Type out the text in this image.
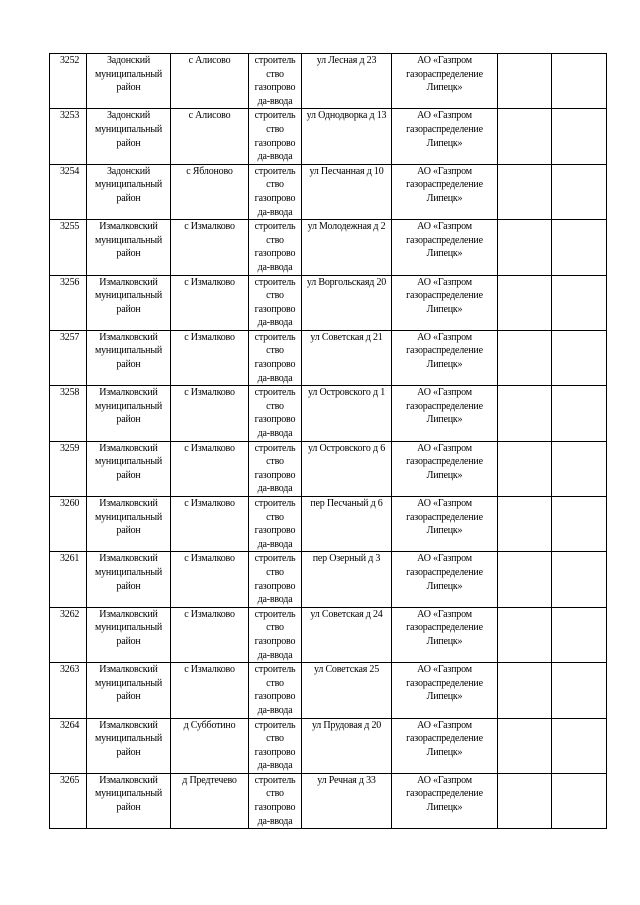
3252	Задонский муниципальный район	с Алисово	строитель ство газопрово да-ввода	ул Лесная д 23	АО «Газпром газораспределение Липецк»		
3253	Задонский муниципальный район	с Алисово	строитель ство газопрово да-ввода	ул Однодворка д 13	АО «Газпром газораспределение Липецк»		
3254	Задонский муниципальный район	с Яблоново	строитель ство газопрово да-ввода	ул Песчанная д 10	АО «Газпром газораспределение Липецк»		
3255	Измалковский муниципальный район	с Измалково	строитель ство газопрово да-ввода	ул Молодежная д 2	АО «Газпром газораспределение Липецк»		
3256	Измалковский муниципальный район	с Измалково	строитель ство газопрово да-ввода	ул Воргольскаяд 20	АО «Газпром газораспределение Липецк»		
3257	Измалковский муниципальный район	с Измалково	строитель ство газопрово да-ввода	ул Советская д 21	АО «Газпром газораспределение Липецк»		
3258	Измалковский муниципальный район	с Измалково	строитель ство газопрово да-ввода	ул Островского д 1	АО «Газпром газораспределение Липецк»		
3259	Измалковский муниципальный район	с Измалково	строитель ство газопрово да-ввода	ул Островского д 6	АО «Газпром газораспределение Липецк»		
3260	Измалковский муниципальный район	с Измалково	строитель ство газопрово да-ввода	пер Песчаный д 6	АО «Газпром газораспределение Липецк»		
3261	Измалковский муниципальный район	с Измалково	строитель ство газопрово да-ввода	пер Озерный д 3	АО «Газпром газораспределение Липецк»		
3262	Измалковский муниципальный район	с Измалково	строитель ство газопрово да-ввода	ул Советская д 24	АО «Газпром газораспределение Липецк»		
3263	Измалковский муниципальный район	с Измалково	строитель ство газопрово да-ввода	ул Советская 25	АО «Газпром газораспределение Липецк»		
3264	Измалковский муниципальный район	д Субботино	строитель ство газопрово да-ввода	ул Прудовая д 20	АО «Газпром газораспределение Липецк»		
3265	Измалковский муниципальный район	д Предтечево	строитель ство газопрово да-ввода	ул Речная д 33	АО «Газпром газораспределение Липецк»		
